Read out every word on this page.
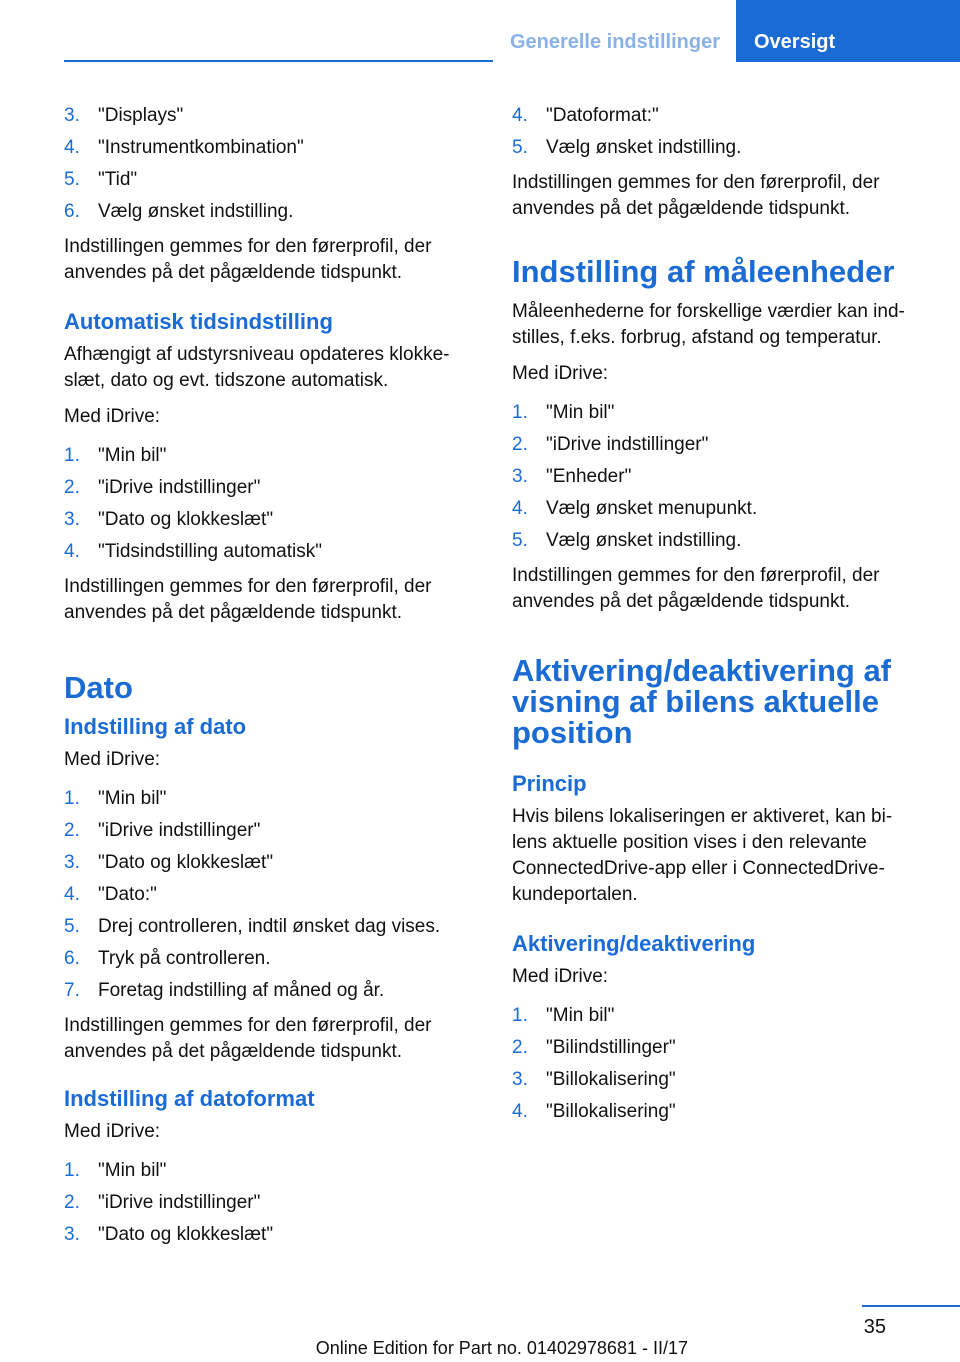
Generelle indstillinger Oversigt
3. "Displays"
4. "Instrumentkombination"
5. "Tid"
6. Vælg ønsket indstilling.

Indstillingen gemmes for den førerprofil, der anvendes på det pågældende tidspunkt.

Automatisk tidsindstilling

Afhængigt af udstyrsniveau opdateres klokkeslæt, dato og evt. tidszone automatisk.

Med iDrive:

1. "Min bil"
2. "iDrive indstillinger"
3. "Dato og klokkeslæt"
4. "Tidsindstilling automatisk"

Indstillingen gemmes for den førerprofil, der anvendes på det pågældende tidspunkt.

Dato
Indstilling af dato

Med iDrive:

1. "Min bil"
2. "iDrive indstillinger"
3. "Dato og klokkeslæt"
4. "Dato:"
5. Drej controlleren, indtil ønsket dag vises.
6. Tryk på controlleren.
7. Foretag indstilling af måned og år.

Indstillingen gemmes for den førerprofil, der anvendes på det pågældende tidspunkt.

Indstilling af datoformat

Med iDrive:

1. "Min bil"
2. "iDrive indstillinger"
3. "Dato og klokkeslæt"
4. "Datoformat:"
5. Vælg ønsket indstilling.

Indstillingen gemmes for den førerprofil, der anvendes på det pågældende tidspunkt.

Indstilling af måleenheder

Måleenhederne for forskellige værdier kan indstilles, f.eks. forbrug, afstand og temperatur.

Med iDrive:

1. "Min bil"
2. "iDrive indstillinger"
3. "Enheder"
4. Vælg ønsket menupunkt.
5. Vælg ønsket indstilling.

Indstillingen gemmes for den førerprofil, der anvendes på det pågældende tidspunkt.

Aktivering/deaktivering af visning af bilens aktuelle position
Princip

Hvis bilens lokaliseringen er aktiveret, kan bilens aktuelle position vises i den relevante ConnectedDrive-app eller i ConnectedDrive-kundeportalen.

Aktivering/deaktivering

Med iDrive:

1. "Min bil"
2. "Bilindstillinger"
3. "Billokalisering"
4. "Billokalisering"
35
Online Edition for Part no. 01402978681 - II/17
